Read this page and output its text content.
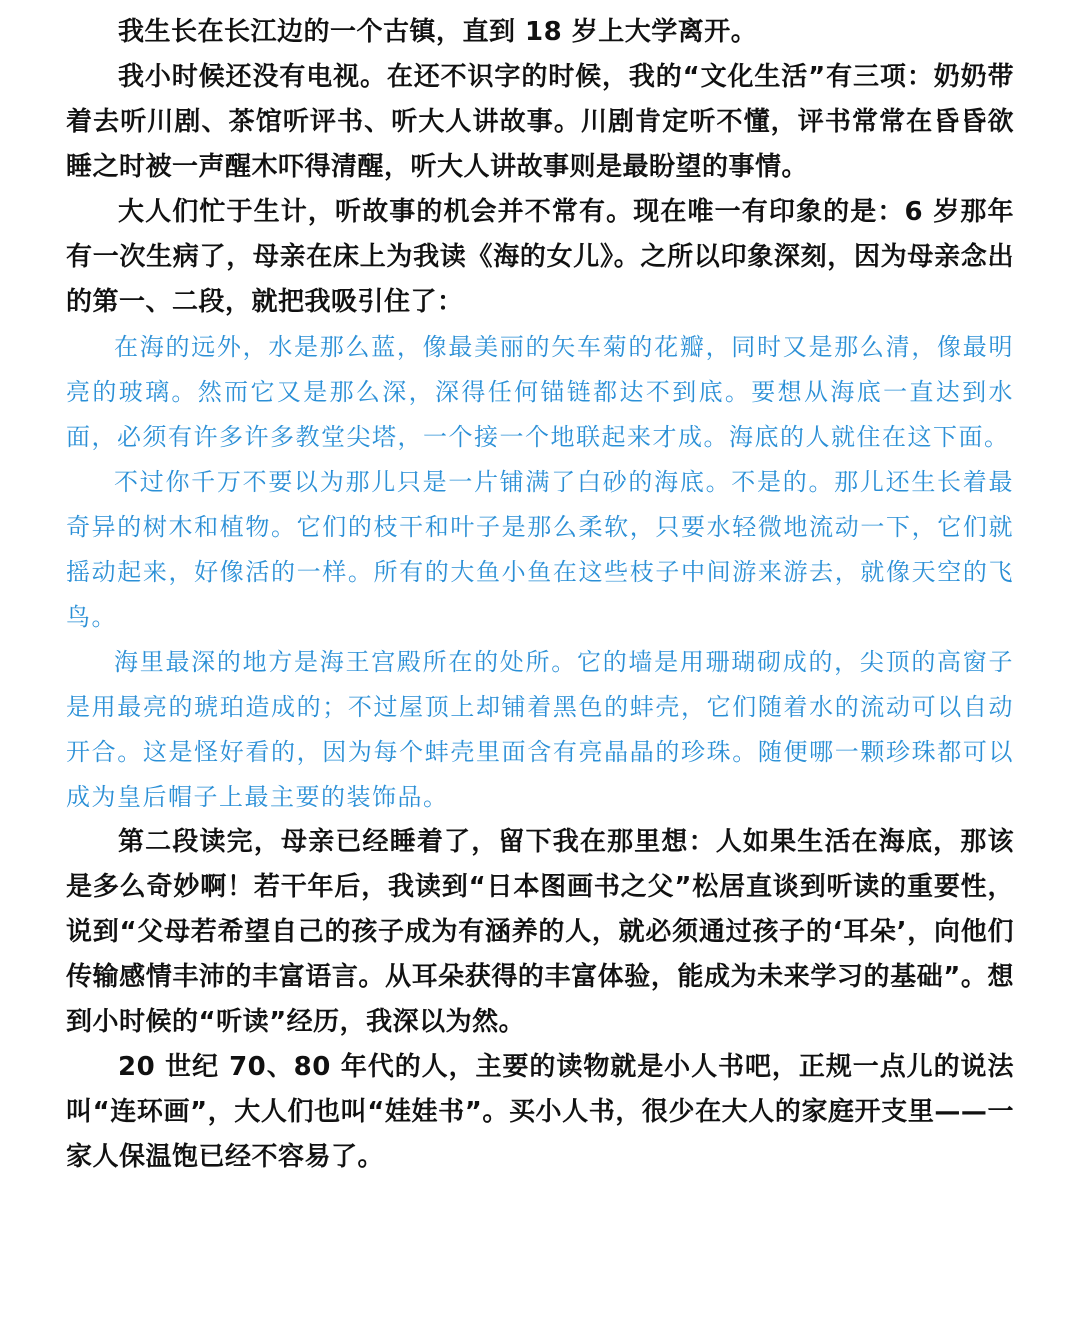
我生长在长江边的一个古镇，直到 18 岁上大学离开。

我小时候还没有电视。在还不识字的时候，我的“文化生活”有三项：奶奶带着去听川剧、茶馆听评书、听大人讲故事。川剧肯定听不懂，评书常常在昏昏欲睡之时被一声醒木吓得清醒，听大人讲故事则是最盼望的事情。

大人们忙于生计，听故事的机会并不常有。现在唯一有印象的是：6 岁那年有一次生病了，母亲在床上为我读《海的女儿》。之所以印象深刻，因为母亲念出的第一、二段，就把我吸引住了：

在海的远外，水是那么蓝，像最美丽的矢车菊的花瓣，同时又是那么清，像最明亮的玻璃。然而它又是那么深，深得任何锚链都达不到底。要想从海底一直达到水面，必须有许多许多教堂尖塔，一个接一个地联起来才成。海底的人就住在这下面。

不过你千万不要以为那儿只是一片铺满了白砂的海底。不是的。那儿还生长着最奇异的树木和植物。它们的枝干和叶子是那么柔软，只要水轻微地流动一下，它们就摇动起来，好像活的一样。所有的大鱼小鱼在这些枝子中间游来游去，就像天空的飞鸟。

海里最深的地方是海王宫殿所在的处所。它的墙是用珊瑚砌成的，尖顶的高窗子是用最亮的琥珀造成的；不过屋顶上却铺着黑色的蚌壳，它们随着水的流动可以自动开合。这是怪好看的，因为每个蚌壳里面含有亮晶晶的珍珠。随便哪一颗珍珠都可以成为皇后帽子上最主要的装饰品。

第二段读完，母亲已经睡着了，留下我在那里想：人如果生活在海底，那该是多么奇妙啊！若干年后，我读到“日本图画书之父”松居直谈到听读的重要性，说到“父母若希望自己的孩子成为有涵养的人，就必须通过孩子的‘耳朵’，向他们传输感情丰沛的丰富语言。从耳朵获得的丰富体验，能成为未来学习的基础”。想到小时候的“听读”经历，我深以为然。

20 世纪 70、80 年代的人，主要的读物就是小人书吧，正规一点儿的说法叫“连环画”，大人们也叫“娃娃书”。买小人书，很少在大人的家庭开支里——一家人保温饱已经不容易了。
